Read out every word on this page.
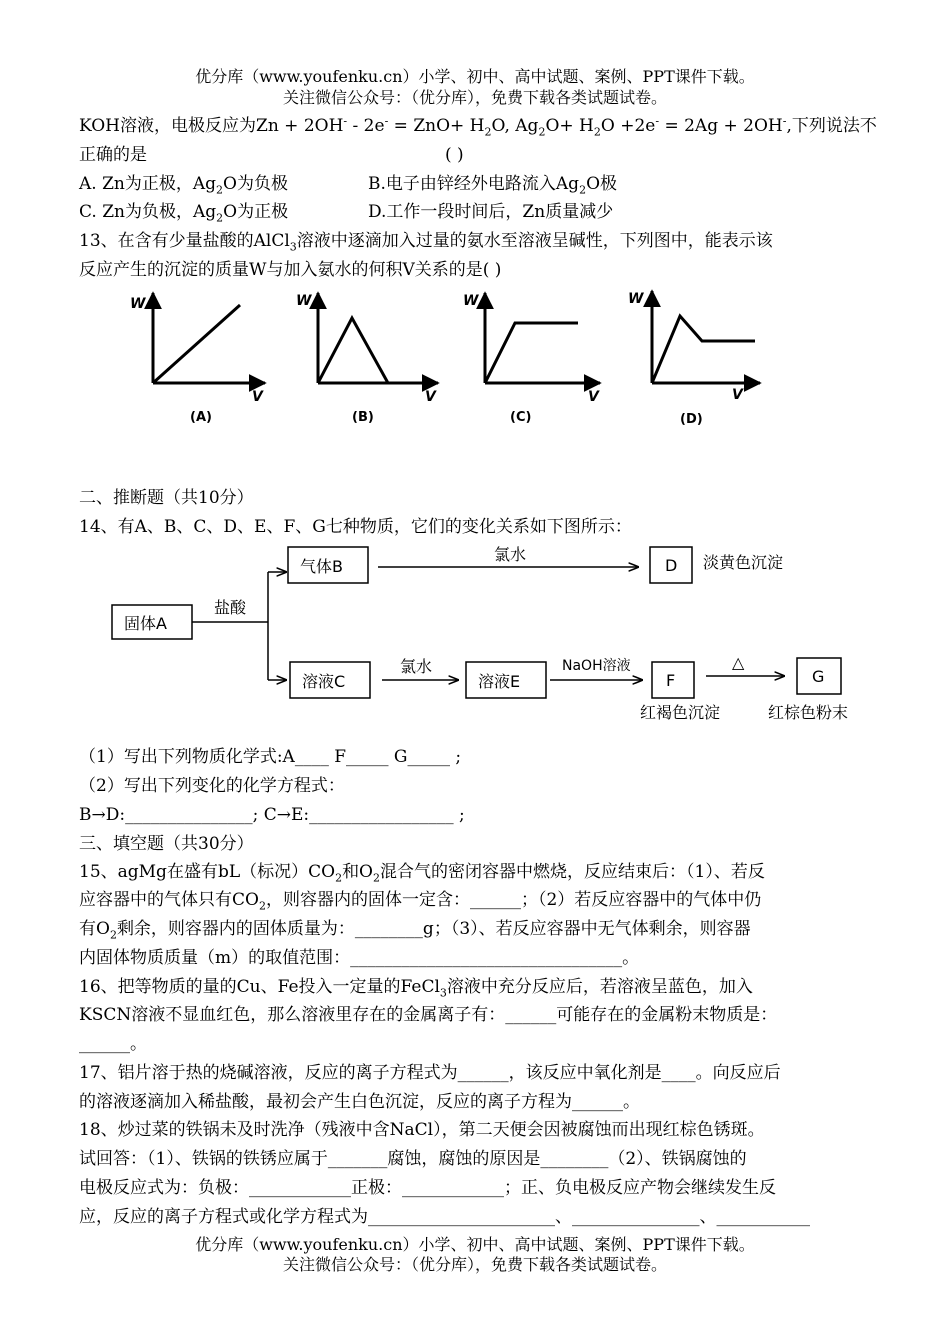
优分库（www.youfenku.cn）小学、初中、高中试题、案例、PPT课件下载。
关注微信公众号：（优分库），免费下载各类试题试卷。
KOH溶液，电极反应为$Zn + 2OH^- - 2e^- = ZnO+ H_2O$, $Ag_2O+ H_2O +2e^- = 2Ag + 2OH^-$,下列说法不
正确的是	( )
A. Zn为正极，$Ag_2O$为负极	B.电子由锌经外电路流入$Ag_2O$极
C. Zn为负极，$Ag_2O$为正极	D.工作一段时间后，Zn质量减少
13、在含有少量盐酸的AlCl$_3$溶液中逐滴加入过量的氨水至溶液呈碱性，下列图中，能表示该
反应产生的沉淀的质量W与加入氨水的何积V关系的是( )
W
V
(A)
W
V
(B)
W
V
(C)
W
V
(D)
二、推断题（共10分）
14、有A、B、C、D、E、F、G七种物质，它们的变化关系如下图所示：
固体A
盐酸
气体B
氯水
D 淡黄色沉淀
溶液C
氯水
溶液E
NaOH溶液
F
△
G
红褐色沉淀	红棕色粉末
（1）写出下列物质化学式:A____ F_____ G_____ ;
（2）写出下列变化的化学方程式：
B→D:_______________; C→E:_________________ ;
三、填空题（共30分）
15、agMg在盛有bL（标况）$CO_2$和$O_2$混合气的密闭容器中燃烧，反应结束后：（1）、若反
应容器中的气体只有$CO_2$，则容器内的固体一定含：______；（2）若反应容器中的气体中仍
有$O_2$剩余，则容器内的固体质量为：________g；（3）、若反应容器中无气体剩余，则容器
内固体物质质量（m）的取值范围：________________________________。
16、把等物质的量的Cu、Fe投入一定量的FeCl$_3$溶液中充分反应后，若溶液呈蓝色，加入
KSCN溶液不显血红色，那么溶液里存在的金属离子有：______可能存在的金属粉末物质是：
______。
17、铝片溶于热的烧碱溶液，反应的离子方程式为______，该反应中氧化剂是____。向反应后
的溶液逐滴加入稀盐酸，最初会产生白色沉淀，反应的离子方程为______。
18、炒过菜的铁锅未及时洗净（残液中含NaCl），第二天便会因被腐蚀而出现红棕色锈斑。
试回答：（1）、铁锅的铁锈应属于_______腐蚀，腐蚀的原因是________（2）、铁锅腐蚀的
电极反应式为：负极：____________正极：____________；正、负电极反应产物会继续发生反
应，反应的离子方程式或化学方程式为______________________、_______________、___________
优分库（www.youfenku.cn）小学、初中、高中试题、案例、PPT课件下载。
关注微信公众号：（优分库），免费下载各类试题试卷。
